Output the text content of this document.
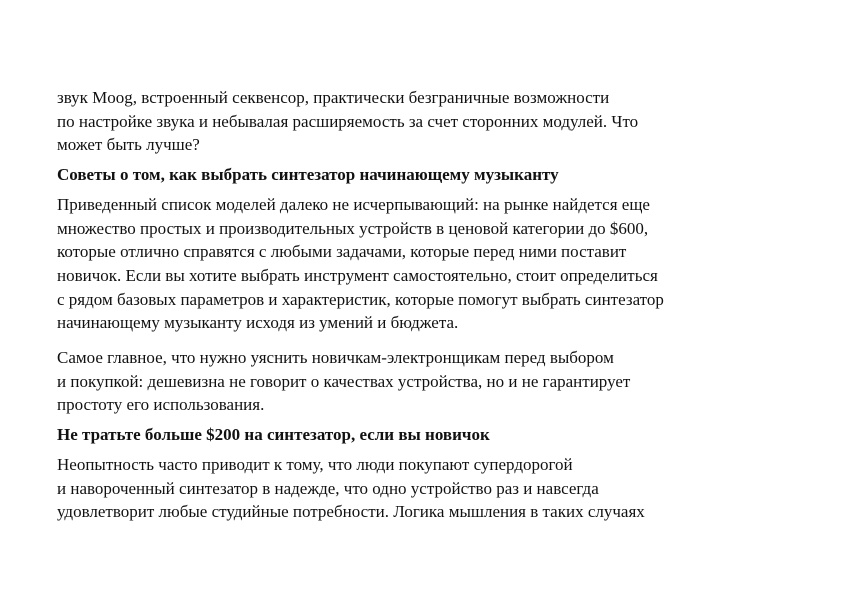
звук Moog, встроенный секвенсор, практически безграничные возможности
по настройке звука и небывалая расширяемость за счет сторонних модулей. Что
может быть лучше?

Советы о том, как выбрать синтезатор начинающему музыканту

Приведенный список моделей далеко не исчерпывающий: на рынке найдется еще
множество простых и производительных устройств в ценовой категории до $600,
которые отлично справятся с любыми задачами, которые перед ними поставит
новичок. Если вы хотите выбрать инструмент самостоятельно, стоит определиться
с рядом базовых параметров и характеристик, которые помогут выбрать синтезатор
начинающему музыканту исходя из умений и бюджета.

Самое главное, что нужно уяснить новичкам-электронщикам перед выбором
и покупкой: дешевизна не говорит о качествах устройства, но и не гарантирует
простоту его использования.

Не тратьте больше $200 на синтезатор, если вы новичок

Неопытность часто приводит к тому, что люди покупают супердорогой
и навороченный синтезатор в надежде, что одно устройство раз и навсегда
удовлетворит любые студийные потребности. Логика мышления в таких случаях
